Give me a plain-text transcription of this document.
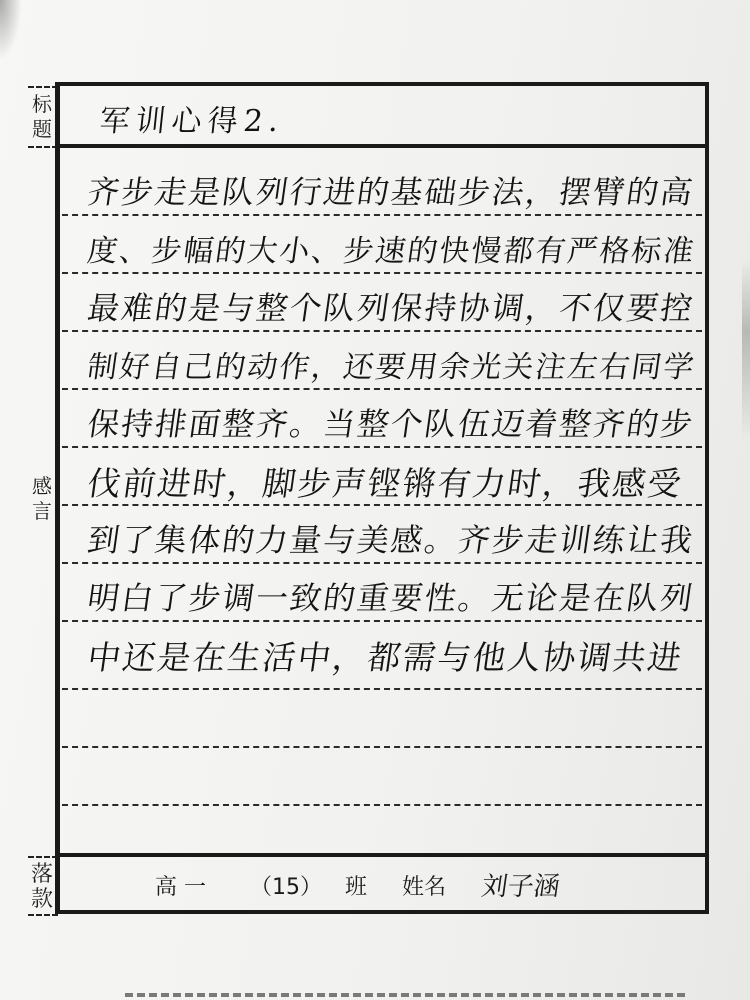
标题
感言
落款
军训心得2.
齐步走是队列行进的基础步法，摆臂的高
度、步幅的大小、步速的快慢都有严格标准
最难的是与整个队列保持协调，不仅要控
制好自己的动作，还要用余光关注左右同学
保持排面整齐。当整个队伍迈着整齐的步
伐前进时，脚步声铿锵有力时，我感受
到了集体的力量与美感。齐步走训练让我
明白了步调一致的重要性。无论是在队列
中还是在生活中，都需与他人协调共进
高 一 （15） 班 姓名 刘子涵
